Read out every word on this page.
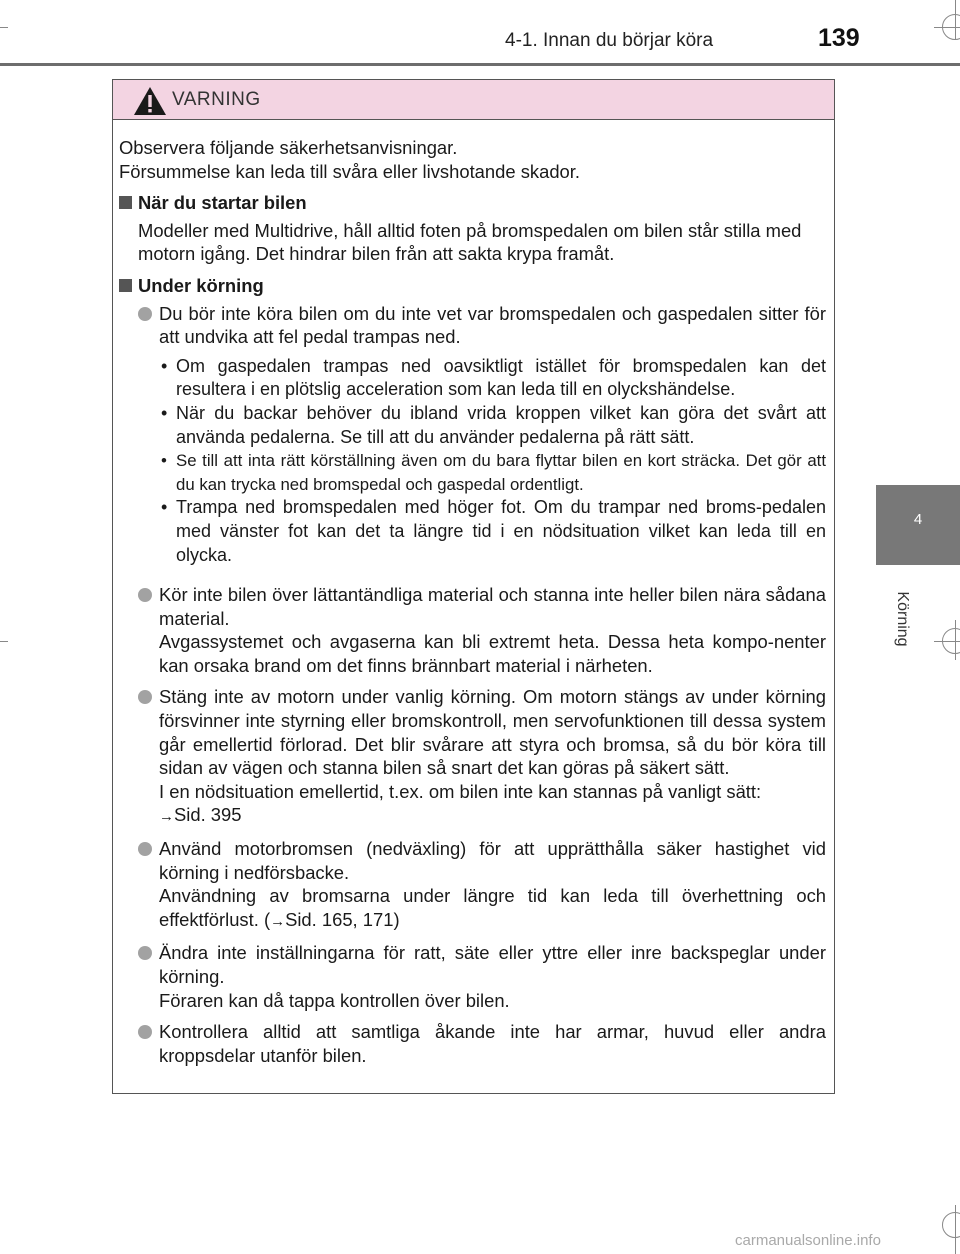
4-1. Innan du börjar köra	139
4
Körning
VARNING
Observera följande säkerhetsanvisningar.
Försummelse kan leda till svåra eller livshotande skador.
När du startar bilen
Modeller med Multidrive, håll alltid foten på bromspedalen om bilen står stilla med motorn igång. Det hindrar bilen från att sakta krypa framåt.
Under körning

Du bör inte köra bilen om du inte vet var bromspedalen och gaspedalen sitter för att undvika att fel pedal trampas ned.

• Om gaspedalen trampas ned oavsiktligt istället för bromspedalen kan det resultera i en plötslig acceleration som kan leda till en olyckshändelse.
• När du backar behöver du ibland vrida kroppen vilket kan göra det svårt att använda pedalerna. Se till att du använder pedalerna på rätt sätt.
• Se till att inta rätt körställning även om du bara flyttar bilen en kort sträcka. Det gör att du kan trycka ned bromspedal och gaspedal ordentligt.
• Trampa ned bromspedalen med höger fot. Om du trampar ned broms-pedalen med vänster fot kan det ta längre tid i en nödsituation vilket kan leda till en olycka.

Kör inte bilen över lättantändliga material och stanna inte heller bilen nära sådana material.

Avgassystemet och avgaserna kan bli extremt heta. Dessa heta kompo-nenter kan orsaka brand om det finns brännbart material i närheten.

Stäng inte av motorn under vanlig körning. Om motorn stängs av under körning försvinner inte styrning eller bromskontroll, men servofunktionen till dessa system går emellertid förlorad. Det blir svårare att styra och bromsa, så du bör köra till sidan av vägen och stanna bilen så snart det kan göras på säkert sätt.

I en nödsituation emellertid, t.ex. om bilen inte kan stannas på vanligt sätt:

→Sid. 395

Använd motorbromsen (nedväxling) för att upprätthålla säker hastighet vid körning i nedförsbacke.

Användning av bromsarna under längre tid kan leda till överhettning och effektförlust. (→Sid. 165, 171)

Ändra inte inställningarna för ratt, säte eller yttre eller inre backspeglar under körning.

Föraren kan då tappa kontrollen över bilen.

Kontrollera alltid att samtliga åkande inte har armar, huvud eller andra kroppsdelar utanför bilen.

carmanualsonline.info
